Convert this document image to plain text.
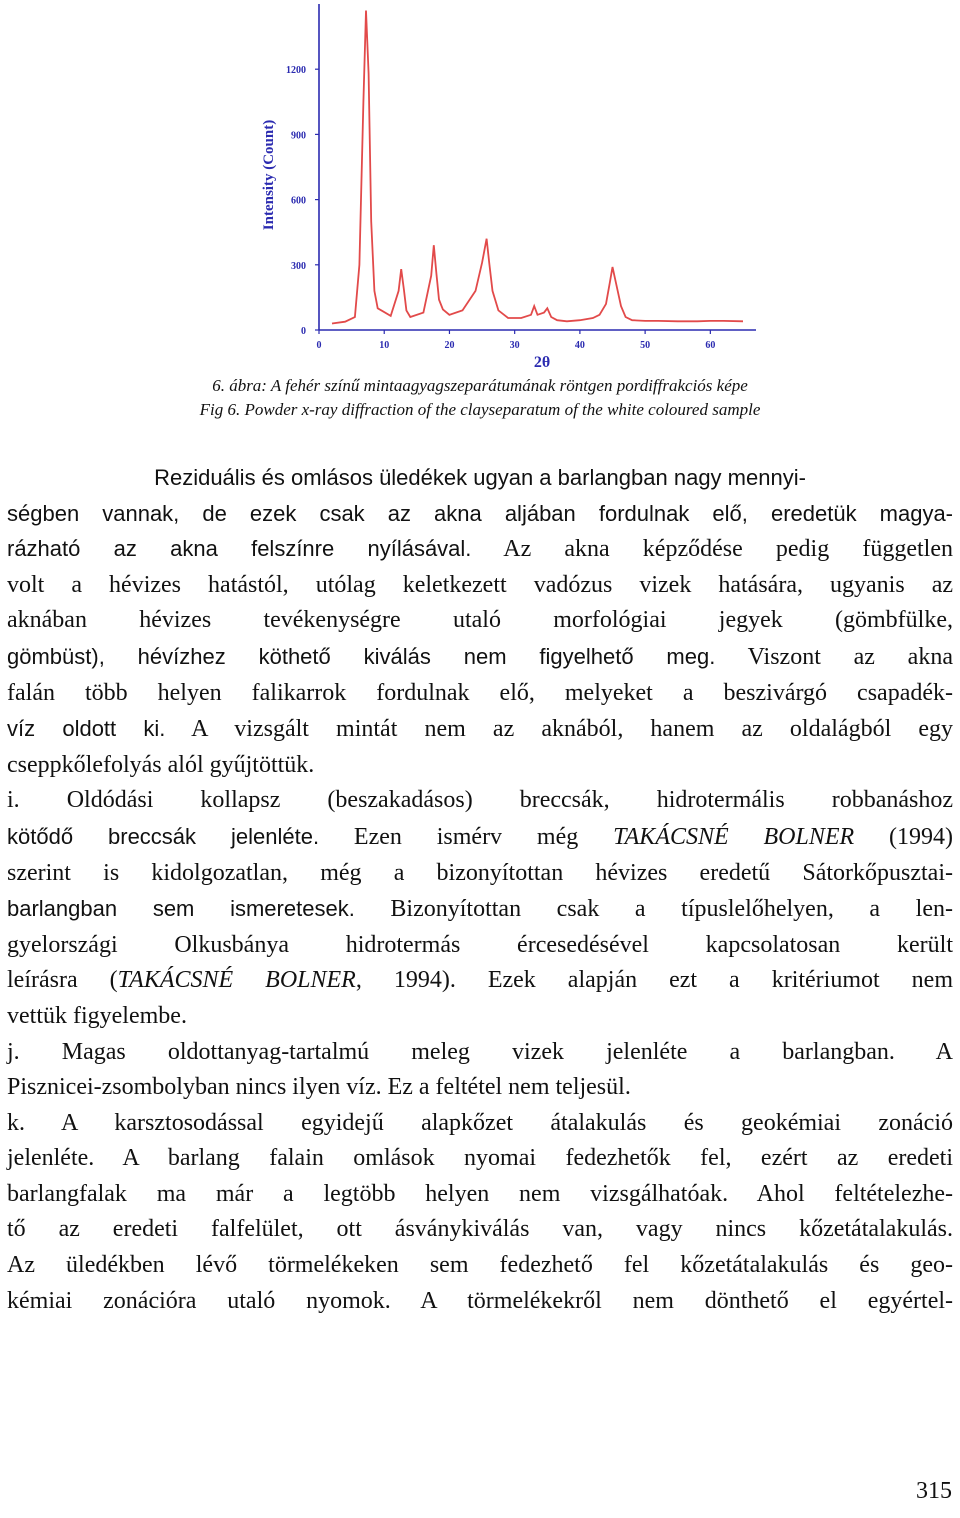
0
300
600
900
1200
0	10	20	30	40	50	60
Intensity (Count)
2θ
6. ábra: A fehér színű mintaagyagszeparátumának röntgen pordiffrakciós képe
Fig 6. Powder x-ray diffraction of the clayseparatum of the white coloured sample
Reziduális és omlásos üledékek ugyan a barlangban nagy mennyi-
ségben vannak, de ezek csak az akna aljában fordulnak elő, eredetük magya-
rázható az akna felszínre nyílásával. Az akna képződése pedig független
volt a hévizes hatástól, utólag keletkezett vadózus vizek hatására, ugyanis az
aknában hévizes tevékenységre utaló morfológiai jegyek (gömbfülke,
gömbüst), hévízhez köthető kiválás nem figyelhető meg. Viszont az akna
falán több helyen falikarrok fordulnak elő, melyeket a beszivárgó csapadék-
víz oldott ki. A vizsgált mintát nem az aknából, hanem az oldalágból egy
cseppkőlefolyás alól gyűjtöttük.
i. Oldódási kollapsz (beszakadásos) breccsák, hidrotermális robbanáshoz
kötődő breccsák jelenléte. Ezen ismérv még TAKÁCSNÉ BOLNER (1994)
szerint is kidolgozatlan, még a bizonyítottan hévizes eredetű Sátorkőpusztai-
barlangban sem ismeretesek. Bizonyítottan csak a típuslelőhelyen, a len-
gyelországi Olkusbánya hidrotermás ércesedésével kapcsolatosan került
leírásra (TAKÁCSNÉ BOLNER, 1994). Ezek alapján ezt a kritériumot nem
vettük figyelembe.
j. Magas oldottanyag-tartalmú meleg vizek jelenléte a barlangban. A
Pisznicei-zsombolyban nincs ilyen víz. Ez a feltétel nem teljesül.
k. A karsztosodással egyidejű alapkőzet átalakulás és geokémiai zonáció
jelenléte. A barlang falain omlások nyomai fedezhetők fel, ezért az eredeti
barlangfalak ma már a legtöbb helyen nem vizsgálhatóak. Ahol feltételezhe-
tő az eredeti falfelület, ott ásványkiválás van, vagy nincs kőzetátalakulás.
Az üledékben lévő törmelékeken sem fedezhető fel kőzetátalakulás és geo-
kémiai zonációra utaló nyomok. A törmelékekről nem dönthető el egyértel-
315
